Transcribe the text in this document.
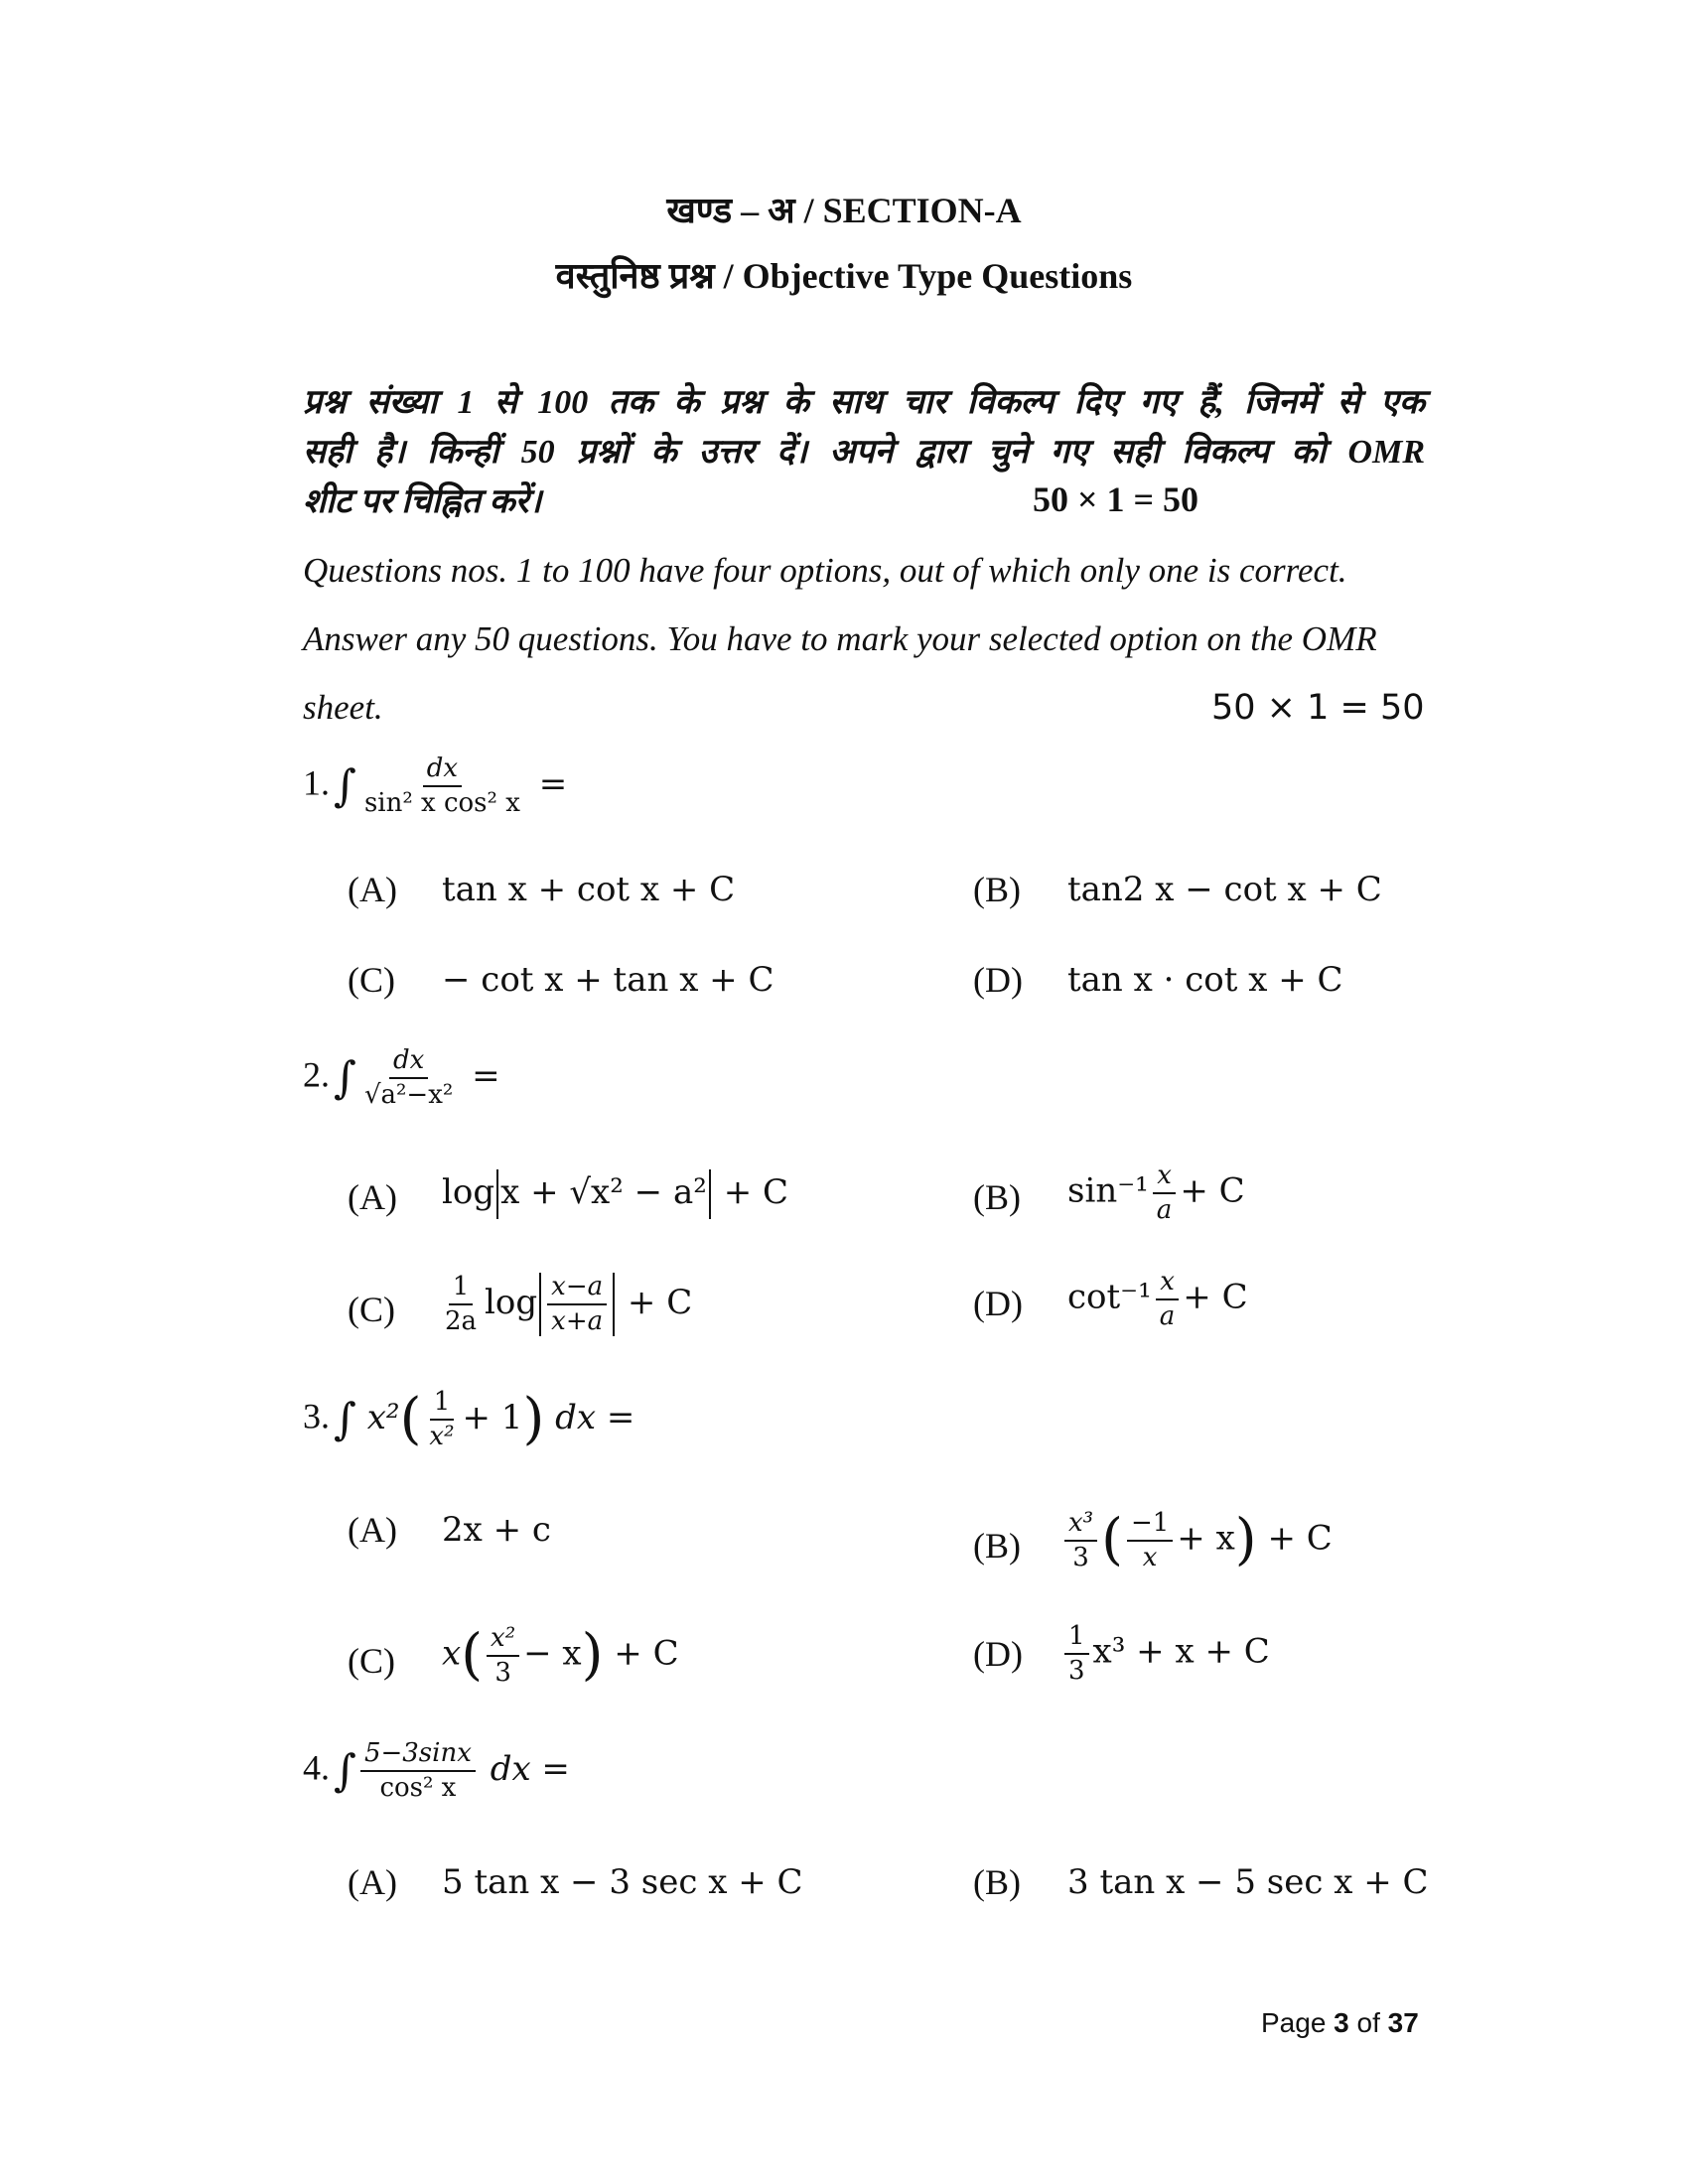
खण्ड – अ / SECTION-A
वस्तुनिष्ठ प्रश्न / Objective Type Questions
प्रश्न संख्या 1 से 100 तक के प्रश्न के साथ चार विकल्प दिए गए हैं, जिनमें से एक
सही है। किन्हीं 50 प्रश्नों के उत्तर दें। अपने द्वारा चुने गए सही विकल्प को OMR
शीट पर चिह्नित करें।	50 × 1 = 50
Questions nos. 1 to 100 have four options, out of which only one is correct.
Answer any 50 questions. You have to mark your selected option on the OMR
sheet.	50 × 1 = 50
1. ∫ $\frac{dx}{\text{sin² x cos² x}}$ =
(A) tan x + cot x + C	(B) tan2 x − cot x + C
(C) − cot x + tan x + C	(D) tan x · cot x + C
2. ∫ $\frac{dx}{\text{√a²−x²}}$ =
(A) log x + √x² − a² + C	(B) $\sin^{-1} \frac{x}{a} + C$
$(C) \frac{1}{2a}$ $\log \frac{x-a}{x+a} + C$	(D) $\cot^{-1} \frac{x}{a} + C$
3. ∫ $x^2( \frac{1}{\text{x²}} + 1)$ dx =
(A) 2x + c	$(B) \frac{\text{x³}}{3}$ ( $\frac{-1}{x} + x) + C$
(C) $x( \frac{\text{x²}}{3} - x) + C$	$(D) \frac{1}{3} x^3 + x + C$
4. ∫ $\frac{5-3\sin x}{\text{cos² x}}$ dx =
(A) 5 tan x − 3 sec x + C	(B) 3 tan x − 5 sec x + C
Page 3 of 37
